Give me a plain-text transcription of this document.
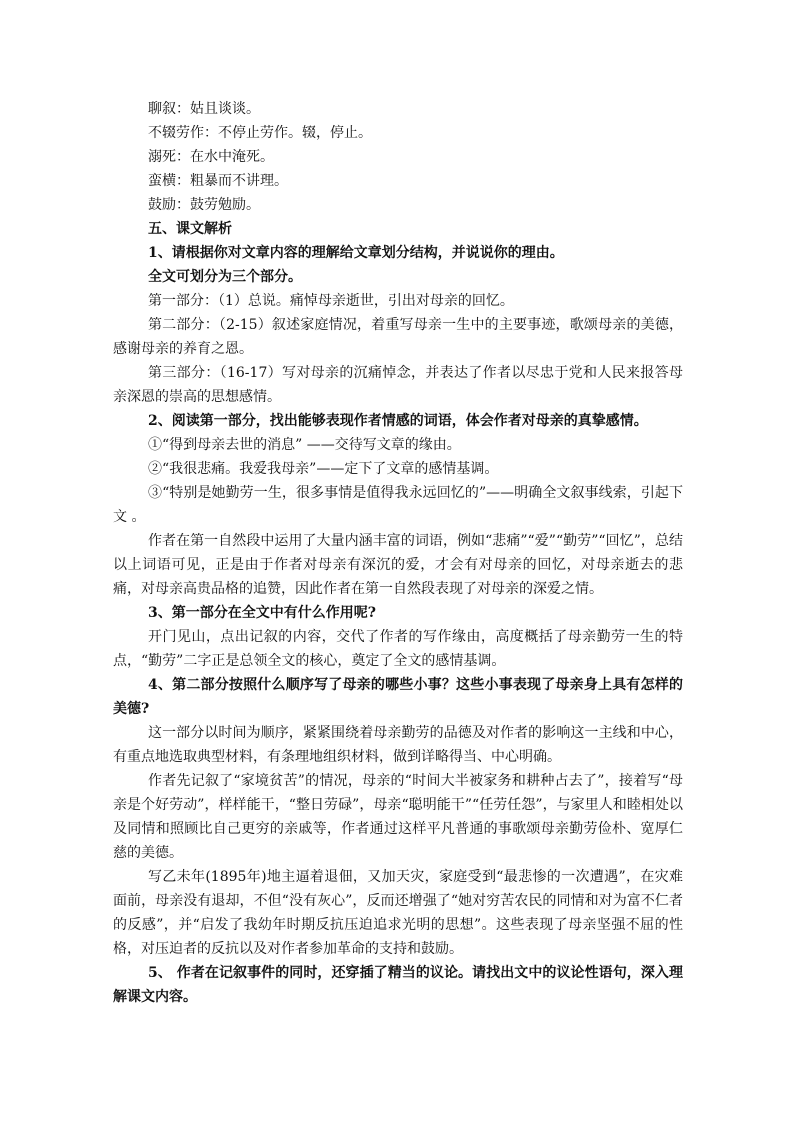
聊叙：姑且谈谈。
不辍劳作：不停止劳作。辍，停止。
溺死：在水中淹死。
蛮横：粗暴而不讲理。
鼓励：鼓劳勉励。
五、课文解析
1、请根据你对文章内容的理解给文章划分结构，并说说你的理由。
全文可划分为三个部分。
第一部分：（1）总说。痛悼母亲逝世，引出对母亲的回忆。
第二部分：（2-15）叙述家庭情况，着重写母亲一生中的主要事迹，歌颂母亲的美德，感谢母亲的养育之恩。
第三部分：（16-17）写对母亲的沉痛悼念，并表达了作者以尽忠于党和人民来报答母亲深恩的崇高的思想感情。
2、阅读第一部分，找出能够表现作者情感的词语，体会作者对母亲的真挚感情。
①“得到母亲去世的消息” ——交待写文章的缘由。
②“我很悲痛。我爱我母亲”——定下了文章的感情基调。
③“特别是她勤劳一生，很多事情是值得我永远回忆的”——明确全文叙事线索，引起下文 。
作者在第一自然段中运用了大量内涵丰富的词语，例如“悲痛”“爱”“勤劳”“回忆”，总结以上词语可见，正是由于作者对母亲有深沉的爱，才会有对母亲的回忆，对母亲逝去的悲痛，对母亲高贵品格的追赞，因此作者在第一自然段表现了对母亲的深爱之情。
3、第一部分在全文中有什么作用呢?
开门见山，点出记叙的内容，交代了作者的写作缘由，高度概括了母亲勤劳一生的特点，“勤劳”二字正是总领全文的核心，奠定了全文的感情基调。
4、第二部分按照什么顺序写了母亲的哪些小事？这些小事表现了母亲身上具有怎样的美德?
这一部分以时间为顺序，紧紧围绕着母亲勤劳的品德及对作者的影响这一主线和中心，有重点地选取典型材料，有条理地组织材料，做到详略得当、中心明确。
作者先记叙了“家境贫苦”的情况，母亲的“时间大半被家务和耕种占去了”，接着写“母亲是个好劳动”，样样能干，“整日劳碌”，母亲“聪明能干”“任劳任怨”，与家里人和睦相处以及同情和照顾比自己更穷的亲戚等，作者通过这样平凡普通的事歌颂母亲勤劳俭朴、宽厚仁慈的美德。
写乙未年(1895年)地主逼着退佃，又加天灾，家庭受到“最悲惨的一次遭遇”，在灾难面前，母亲没有退却，不但“没有灰心”，反而还增强了“她对穷苦农民的同情和对为富不仁者的反感”，并“启发了我幼年时期反抗压迫追求光明的思想”。这些表现了母亲坚强不屈的性格，对压迫者的反抗以及对作者参加革命的支持和鼓励。
5、 作者在记叙事件的同时，还穿插了精当的议论。请找出文中的议论性语句，深入理解课文内容。
